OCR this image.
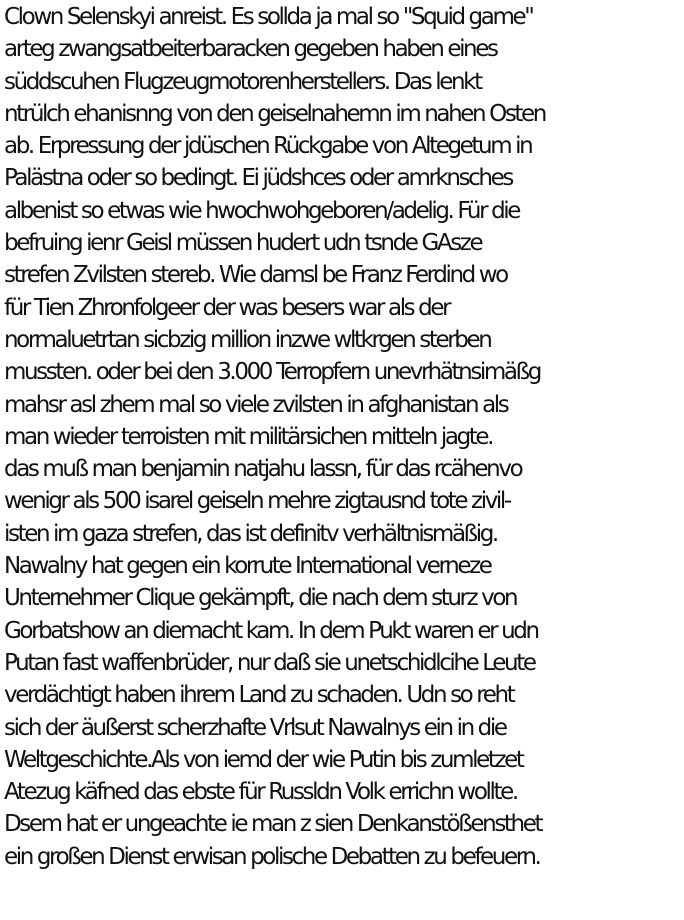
Clown Selenskyi anreist. Es sollda ja mal so "Squid game"
arteg zwangsatbeiterbaracken gegeben haben eines
süddscuhen Flugzeugmotorenherstellers. Das lenkt
ntrülch ehanisnng von den geiselnahemn im nahen Osten
ab. Erpressung der jdüschen Rückgabe von Altegetum in
Palästna oder so bedingt. Ei jüdshces oder amrknsches
albenist so etwas wie hwochwohgeboren/adelig. Für die
befruing ienr Geisl müssen hudert udn tsnde GAsze
strefen Zvilsten stereb. Wie damsl be Franz Ferdind wo
für Tien Zhronfolgeer der was besers war als der
normaluetrtan sicbzig million inzwe wltkrgen sterben
mussten. oder bei den 3.000 Terropfern unevrhätnsimäßg
mahsr asl zhem mal so viele zvilsten in afghanistan als
man wieder terroisten mit militärsichen mitteln jagte.
das muß man benjamin natjahu lassn, für das rcähenvo
wenigr als 500 isarel geiseln mehre zigtausnd tote zivil-
isten im gaza strefen, das ist definitv verhältnismäßig.
Nawalny hat gegen ein korrute International verneze
Unternehmer Clique gekämpft, die nach dem sturz von
Gorbatshow an diemacht kam. In dem Pukt waren er udn
Putan fast waffenbrüder, nur daß sie unetschidlcihe Leute
verdächtigt haben ihrem Land zu schaden. Udn so reht
sich der äußerst scherzhafte Vrlsut Nawalnys ein in die
Weltgeschichte.Als von iemd der wie Putin bis zumletzet
Atezug käfned das ebste für Russldn Volk errichn wollte.
Dsem hat er ungeachte ie man z sien Denkanstößensthet
ein großen Dienst erwisan polische Debatten zu befeuern.
